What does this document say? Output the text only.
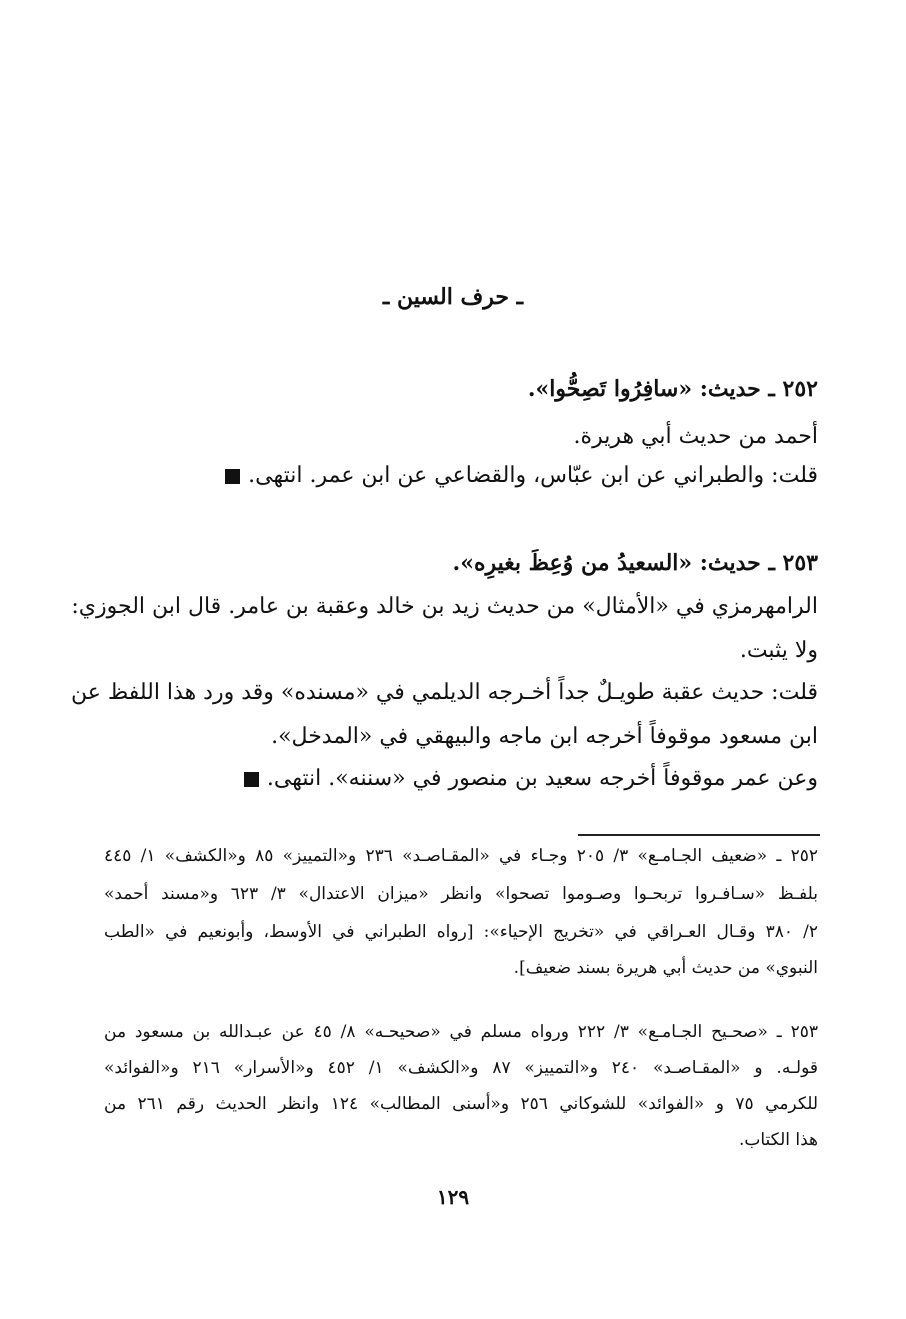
ـ حرف السين ـ
٢٥٢ ـ حديث: «سافِرُوا تَصِحُّوا».
أحمد من حديث أبي هريرة.
قلت: والطبراني عن ابن عبّاس، والقضاعي عن ابن عمر. انتهى.
٢٥٣ ـ حديث: «السعيدُ من وُعِظَ بغيرِه».
الرامهرمزي في «الأمثال» من حديث زيد بن خالد وعقبة بن عامر. قال ابن الجوزي:
ولا يثبت.
قلت: حديث عقبة طويـلٌ جداً أخـرجه الديلمي في «مسنده» وقد ورد هذا اللفظ عن
ابن مسعود موقوفاً أخرجه ابن ماجه والبيهقي في «المدخل».
وعن عمر موقوفاً أخرجه سعيد بن منصور في «سننه». انتهى.
٢٥٢ ـ «ضعيف الجـامـع» ٣/ ٢٠٥ وجـاء في «المقـاصـد» ٢٣٦ و«التمييز» ٨٥ و«الكشف» ١/ ٤٤٥
بلفـظ «سـافـروا تربحـوا وصـوموا تصحوا» وانظر «ميزان الاعتدال» ٣/ ٦٢٣ و«مسند أحمد»
٢/ ٣٨٠ وقـال العـراقي في «تخريج الإحياء»: [رواه الطبراني في الأوسط، وأبونعيم في «الطب
النبوي» من حديث أبي هريرة بسند ضعيف].
٢٥٣ ـ «صحـيح الجـامـع» ٣/ ٢٢٢ ورواه مسلم في «صحيحـه» ٨/ ٤٥ عن عبـدالله بن مسعود من
قولـه. و «المقـاصـد» ٢٤٠ و«التمييز» ٨٧ و«الكشف» ١/ ٤٥٢ و«الأسرار» ٢١٦ و«الفوائد»
للكرمي ٧٥ و «الفوائد» للشوكاني ٢٥٦ و«أسنى المطالب» ١٢٤ وانظر الحديث رقم ٢٦١ من
هذا الكتاب.
١٢٩
